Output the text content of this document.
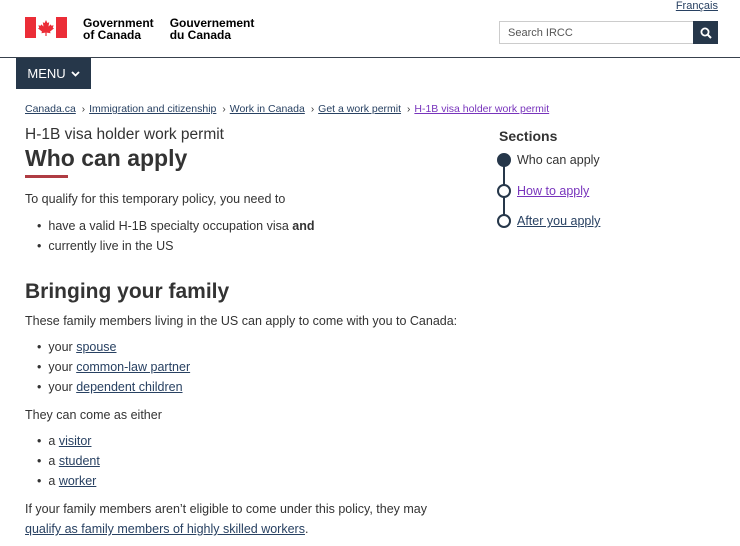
Français
Government
of Canada
Gouvernement
du Canada
Search IRCC
MENU
Canada.ca › Immigration and citizenship › Work in Canada › Get a work permit › H-1B visa holder work permit
H-1B visa holder work permit
Who can apply
To qualify for this temporary policy, you need to
• have a valid H-1B specialty occupation visa and
• currently live in the US
Bringing your family
These family members living in the US can apply to come with you to Canada:
• your spouse
• your common-law partner
• your dependent children
They can come as either
• a visitor
• a student
• a worker
If your family members aren’t eligible to come under this policy, they may
qualify as family members of highly skilled workers.
Sections
Who can apply
How to apply
After you apply
